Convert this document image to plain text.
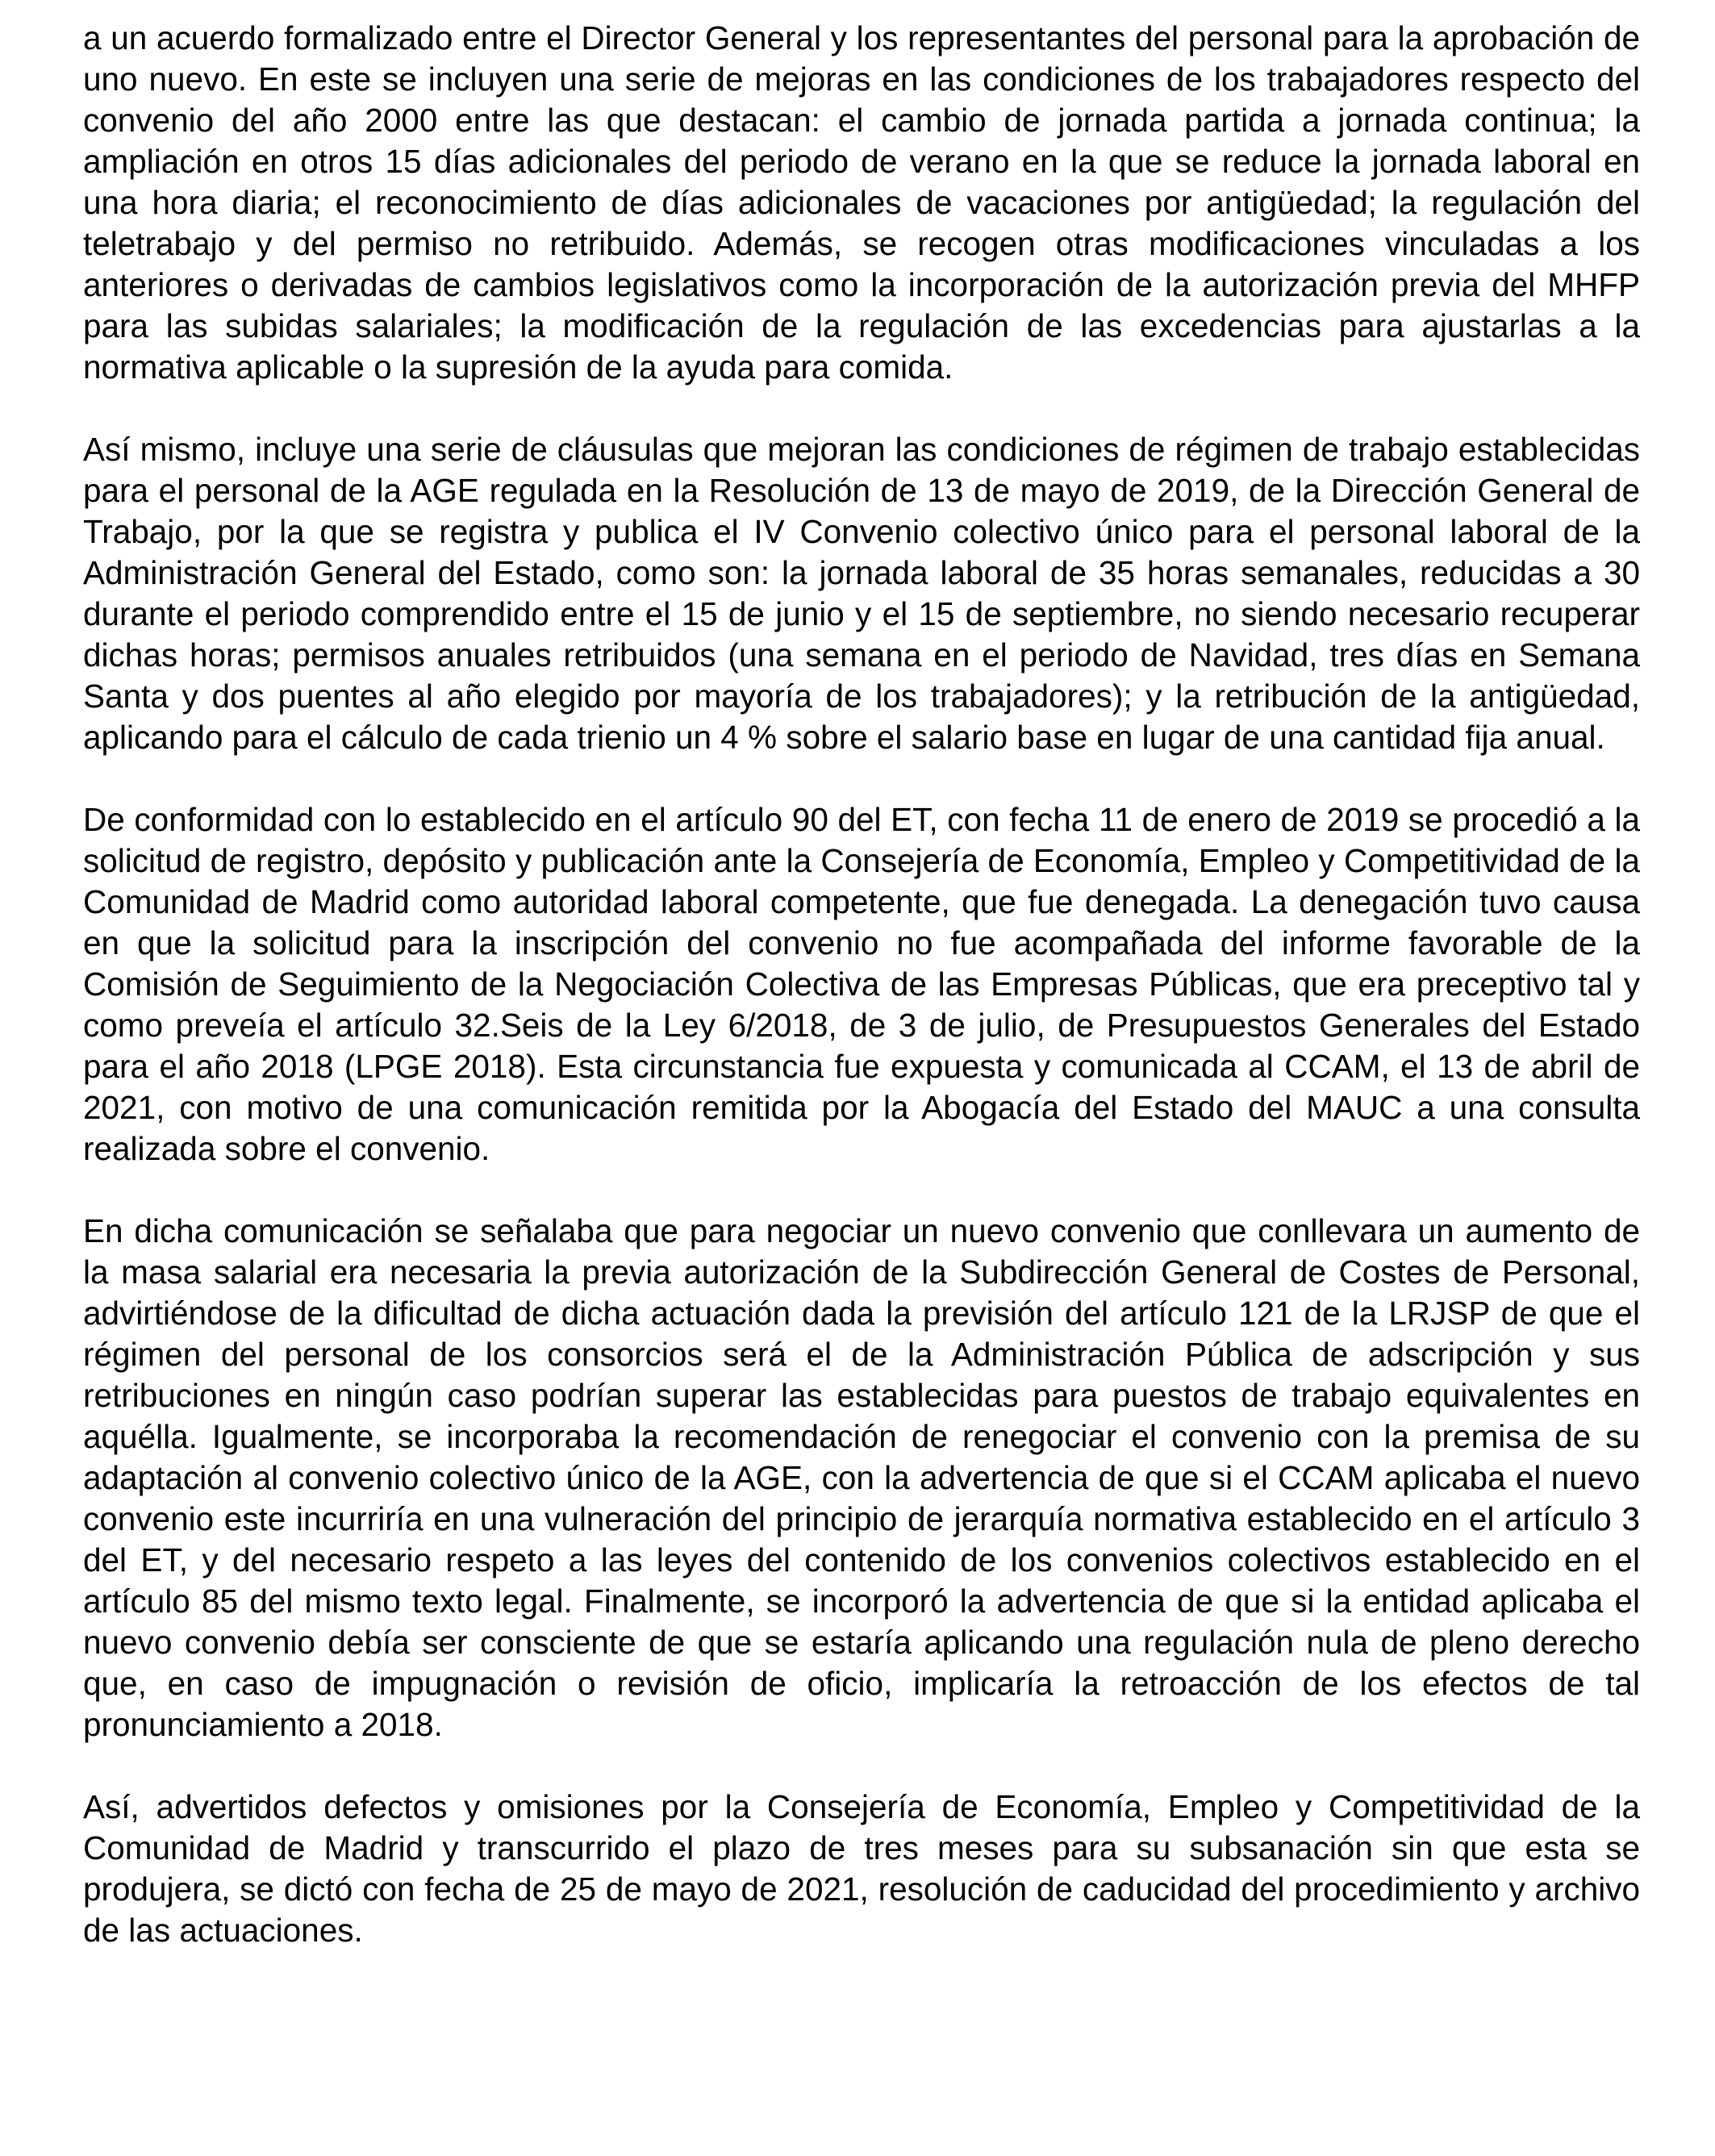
a un acuerdo formalizado entre el Director General y los representantes del personal para la aprobación de uno nuevo. En este se incluyen una serie de mejoras en las condiciones de los trabajadores respecto del convenio del año 2000 entre las que destacan: el cambio de jornada partida a jornada continua; la ampliación en otros 15 días adicionales del periodo de verano en la que se reduce la jornada laboral en una hora diaria; el reconocimiento de días adicionales de vacaciones por antigüedad; la regulación del teletrabajo y del permiso no retribuido. Además, se recogen otras modificaciones vinculadas a los anteriores o derivadas de cambios legislativos como la incorporación de la autorización previa del MHFP para las subidas salariales; la modificación de la regulación de las excedencias para ajustarlas a la normativa aplicable o la supresión de la ayuda para comida.

Así mismo, incluye una serie de cláusulas que mejoran las condiciones de régimen de trabajo establecidas para el personal de la AGE regulada en la Resolución de 13 de mayo de 2019, de la Dirección General de Trabajo, por la que se registra y publica el IV Convenio colectivo único para el personal laboral de la Administración General del Estado, como son: la jornada laboral de 35 horas semanales, reducidas a 30 durante el periodo comprendido entre el 15 de junio y el 15 de septiembre, no siendo necesario recuperar dichas horas; permisos anuales retribuidos (una semana en el periodo de Navidad, tres días en Semana Santa y dos puentes al año elegido por mayoría de los trabajadores); y la retribución de la antigüedad, aplicando para el cálculo de cada trienio un 4 % sobre el salario base en lugar de una cantidad fija anual.

De conformidad con lo establecido en el artículo 90 del ET, con fecha 11 de enero de 2019 se procedió a la solicitud de registro, depósito y publicación ante la Consejería de Economía, Empleo y Competitividad de la Comunidad de Madrid como autoridad laboral competente, que fue denegada. La denegación tuvo causa en que la solicitud para la inscripción del convenio no fue acompañada del informe favorable de la Comisión de Seguimiento de la Negociación Colectiva de las Empresas Públicas, que era preceptivo tal y como preveía el artículo 32.Seis de la Ley 6/2018, de 3 de julio, de Presupuestos Generales del Estado para el año 2018 (LPGE 2018). Esta circunstancia fue expuesta y comunicada al CCAM, el 13 de abril de 2021, con motivo de una comunicación remitida por la Abogacía del Estado del MAUC a una consulta realizada sobre el convenio.

En dicha comunicación se señalaba que para negociar un nuevo convenio que conllevara un aumento de la masa salarial era necesaria la previa autorización de la Subdirección General de Costes de Personal, advirtiéndose de la dificultad de dicha actuación dada la previsión del artículo 121 de la LRJSP de que el régimen del personal de los consorcios será el de la Administración Pública de adscripción y sus retribuciones en ningún caso podrían superar las establecidas para puestos de trabajo equivalentes en aquélla. Igualmente, se incorporaba la recomendación de renegociar el convenio con la premisa de su adaptación al convenio colectivo único de la AGE, con la advertencia de que si el CCAM aplicaba el nuevo convenio este incurriría en una vulneración del principio de jerarquía normativa establecido en el artículo 3 del ET, y del necesario respeto a las leyes del contenido de los convenios colectivos establecido en el artículo 85 del mismo texto legal. Finalmente, se incorporó la advertencia de que si la entidad aplicaba el nuevo convenio debía ser consciente de que se estaría aplicando una regulación nula de pleno derecho que, en caso de impugnación o revisión de oficio, implicaría la retroacción de los efectos de tal pronunciamiento a 2018.

Así, advertidos defectos y omisiones por la Consejería de Economía, Empleo y Competitividad de la Comunidad de Madrid y transcurrido el plazo de tres meses para su subsanación sin que esta se produjera, se dictó con fecha de 25 de mayo de 2021, resolución de caducidad del procedimiento y archivo de las actuaciones.
